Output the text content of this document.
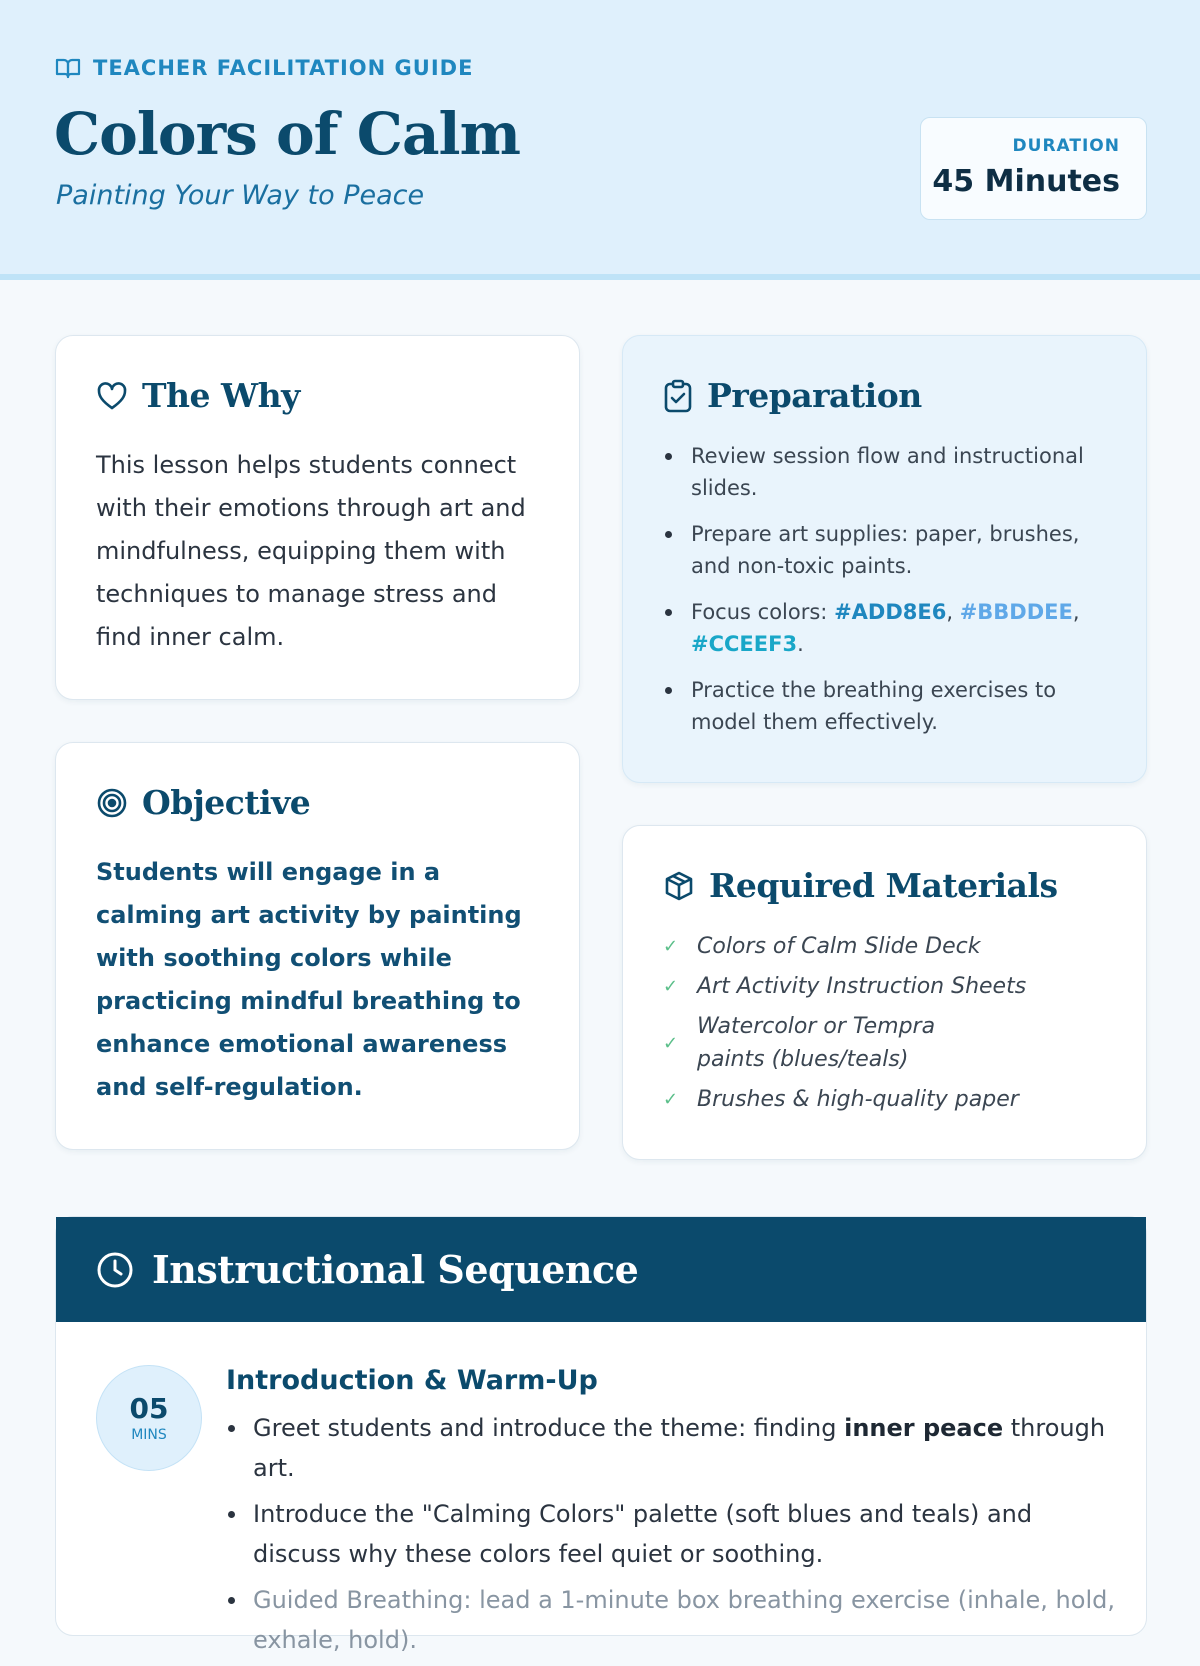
TEACHER FACILITATION GUIDE
Colors of Calm
Painting Your Way to Peace
DURATION
45 Minutes
The Why
This lesson helps students connect with their emotions through art and mindfulness, equipping them with techniques to manage stress and find inner calm.
Objective
Students will engage in a calming art activity by painting with soothing colors while practicing mindful breathing to enhance emotional awareness and self-regulation.
Preparation
Review session flow and instructional slides.
Prepare art supplies: paper, brushes, and non-toxic paints.
Focus colors: #ADD8E6, #BBDDEE, #CCEEF3.
Practice the breathing exercises to model them effectively.
Required Materials
✓ Colors of Calm Slide Deck
✓ Art Activity Instruction Sheets
✓
Watercolor or Tempra paints (blues/teals)
✓ Brushes & high-quality paper
Instructional Sequence
05
MINS
Introduction & Warm-Up
Greet students and introduce the theme: finding inner peace through art.
Introduce the "Calming Colors" palette (soft blues and teals) and discuss why these colors feel quiet or soothing.
Guided Breathing: lead a 1-minute box breathing exercise (inhale, hold, exhale, hold).
